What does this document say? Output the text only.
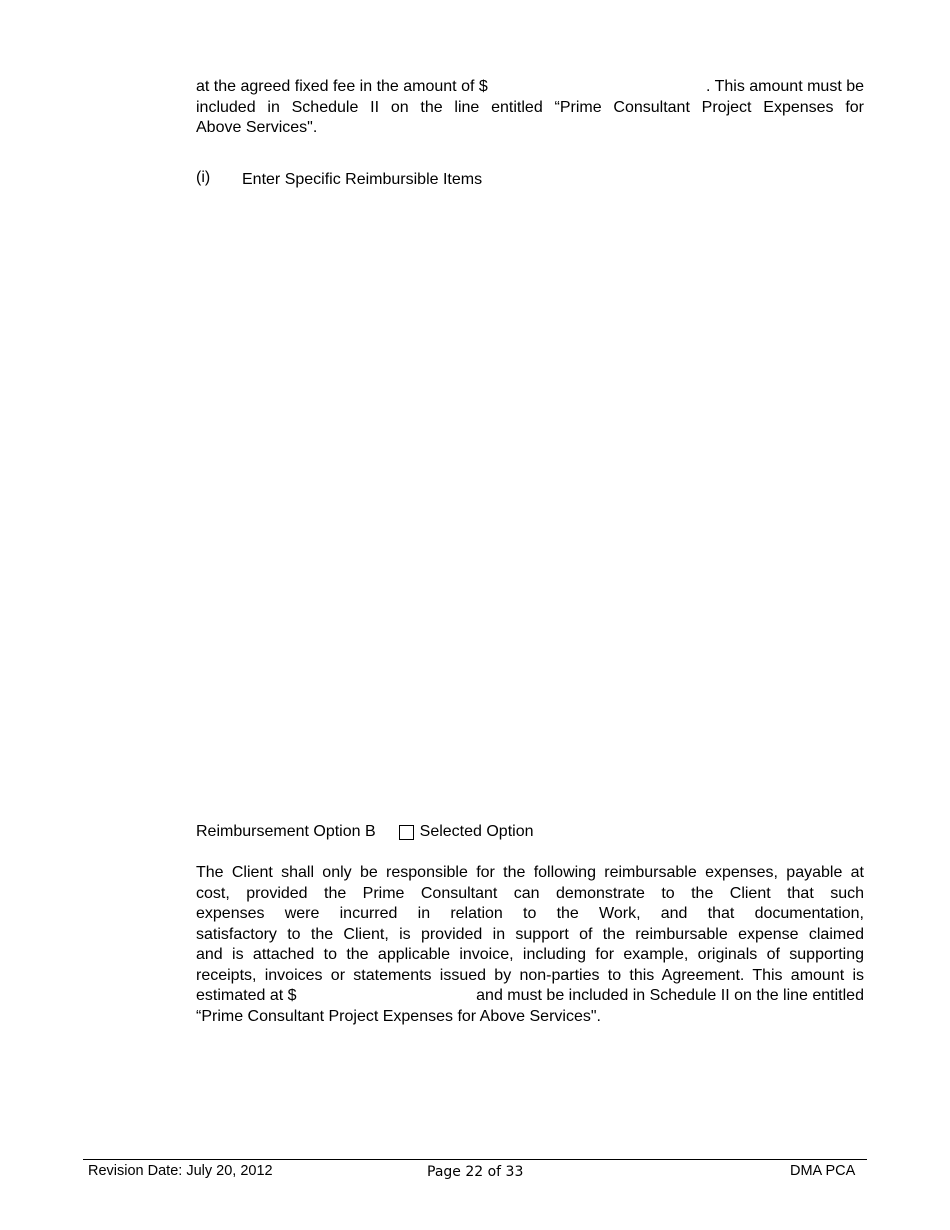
at the agreed fixed fee in the amount of $	. This amount must be
included in Schedule II on the line entitled “Prime Consultant Project Expenses for
Above Services".
(i) Enter Specific Reimbursible Items
Reimbursement Option B	Selected Option
The Client shall only be responsible for the following reimbursable expenses, payable at
cost, provided the Prime Consultant can demonstrate to the Client that such
expenses were incurred in relation to the Work, and that documentation,
satisfactory to the Client, is provided in support of the reimbursable expense claimed
and is attached to the applicable invoice, including for example, originals of supporting
receipts, invoices or statements issued by non-parties to this Agreement. This amount is
estimated at $	and must be included in Schedule II on the line entitled
“Prime Consultant Project Expenses for Above Services".
Revision Date: July 20, 2012	Page 22 of 33	DMA PCA
